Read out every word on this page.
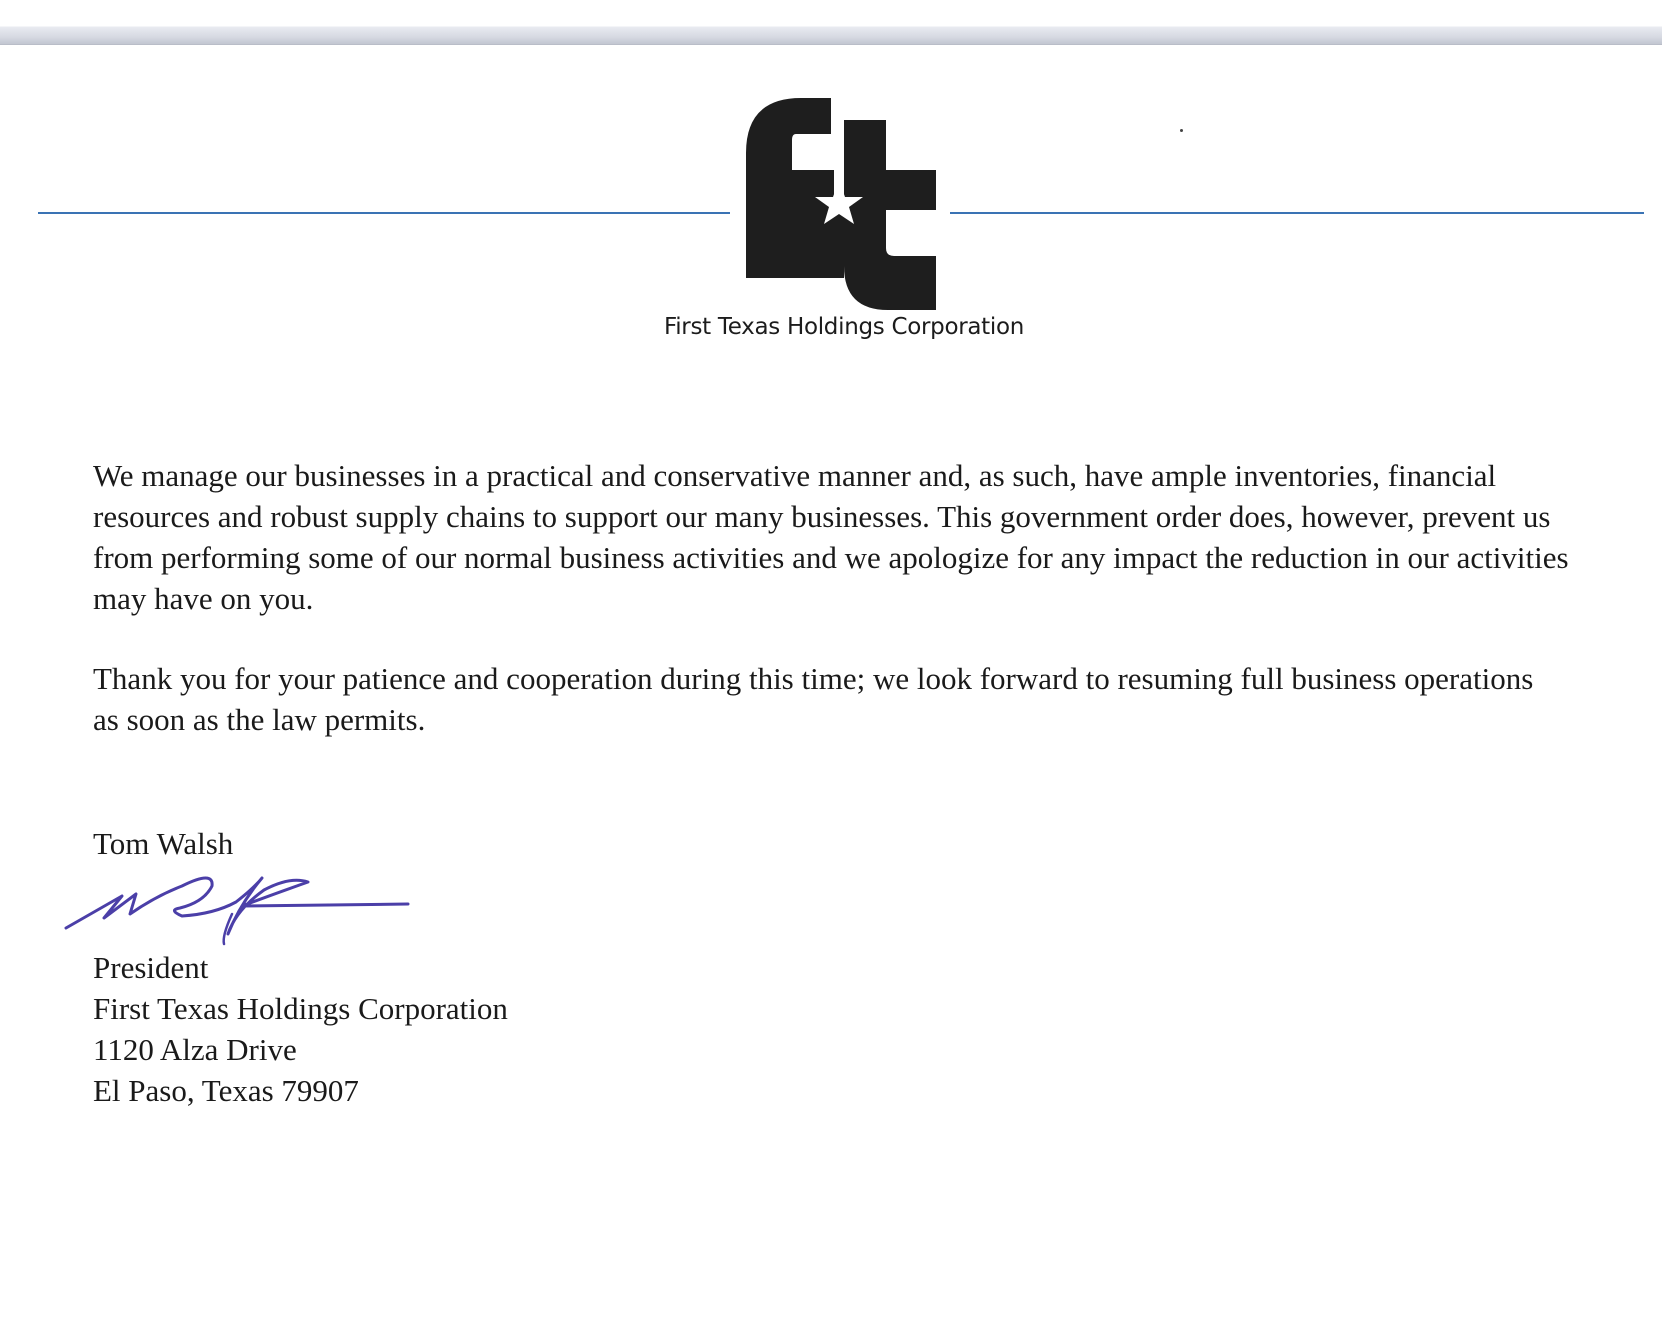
First Texas Holdings Corporation

We manage our businesses in a practical and conservative manner and, as such, have ample inventories, financial resources and robust supply chains to support our many businesses. This government order does, however, prevent us from performing some of our normal business activities and we apologize for any impact the reduction in our activities may have on you.

Thank you for your patience and cooperation during this time; we look forward to resuming full business operations as soon as the law permits.

Tom Walsh
President
First Texas Holdings Corporation
1120 Alza Drive
El Paso, Texas 79907
